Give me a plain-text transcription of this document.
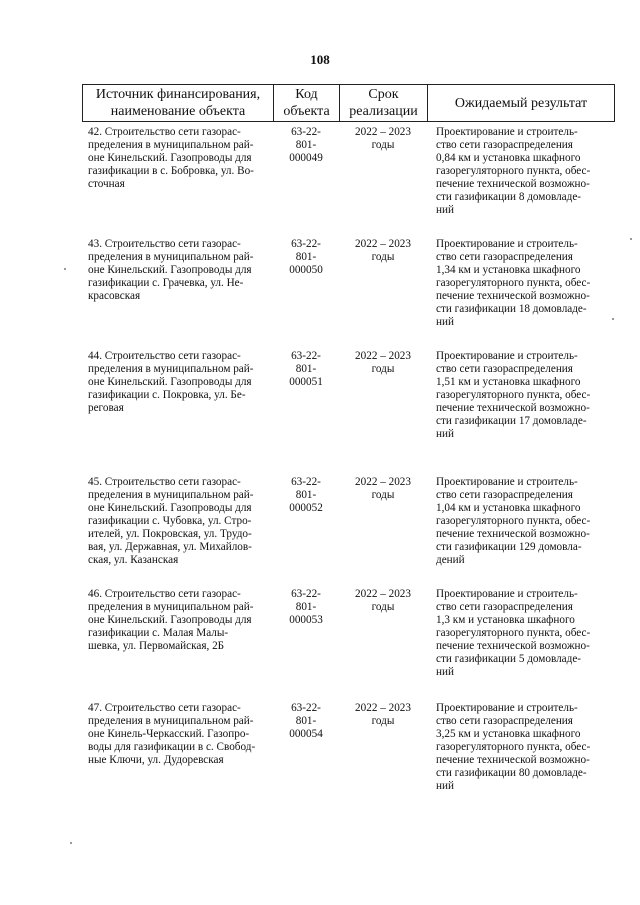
108
Источник финансирования,
наименование объекта
Код
объекта
Срок
реализации
Ожидаемый результат
42. Строительство сети газорас-
пределения в муниципальном рай-
оне Кинельский. Газопроводы для
газификации в с. Бобровка, ул. Во-
сточная
63-22-
801-
000049
2022 – 2023
годы
Проектирование и строитель-
ство сети газораспределения
0,84 км и установка шкафного
газорегуляторного пункта, обес-
печение технической возможно-
сти газификации 8 домовладе-
ний
43. Строительство сети газорас-
пределения в муниципальном рай-
оне Кинельский. Газопроводы для
газификации с. Грачевка, ул. Не-
красовская
63-22-
801-
000050
2022 – 2023
годы
Проектирование и строитель-
ство сети газораспределения
1,34 км и установка шкафного
газорегуляторного пункта, обес-
печение технической возможно-
сти газификации 18 домовладе-
ний
44. Строительство сети газорас-
пределения в муниципальном рай-
оне Кинельский. Газопроводы для
газификации с. Покровка, ул. Бе-
реговая
63-22-
801-
000051
2022 – 2023
годы
Проектирование и строитель-
ство сети газораспределения
1,51 км и установка шкафного
газорегуляторного пункта, обес-
печение технической возможно-
сти газификации 17 домовладе-
ний
45. Строительство сети газорас-
пределения в муниципальном рай-
оне Кинельский. Газопроводы для
газификации с. Чубовка, ул. Стро-
ителей, ул. Покровская, ул. Трудо-
вая, ул. Державная, ул. Михайлов-
ская, ул. Казанская
63-22-
801-
000052
2022 – 2023
годы
Проектирование и строитель-
ство сети газораспределения
1,04 км и установка шкафного
газорегуляторного пункта, обес-
печение технической возможно-
сти газификации 129 домовла-
дений
46. Строительство сети газорас-
пределения в муниципальном рай-
оне Кинельский. Газопроводы для
газификации с. Малая Малы-
шевка, ул. Первомайская, 2Б
63-22-
801-
000053
2022 – 2023
годы
Проектирование и строитель-
ство сети газораспределения
1,3 км и установка шкафного
газорегуляторного пункта, обес-
печение технической возможно-
сти газификации 5 домовладе-
ний
47. Строительство сети газорас-
пределения в муниципальном рай-
оне Кинель-Черкасский. Газопро-
воды для газификации в с. Свобод-
ные Ключи, ул. Дудоревская
63-22-
801-
000054
2022 – 2023
годы
Проектирование и строитель-
ство сети газораспределения
3,25 км и установка шкафного
газорегуляторного пункта, обес-
печение технической возможно-
сти газификации 80 домовладе-
ний
